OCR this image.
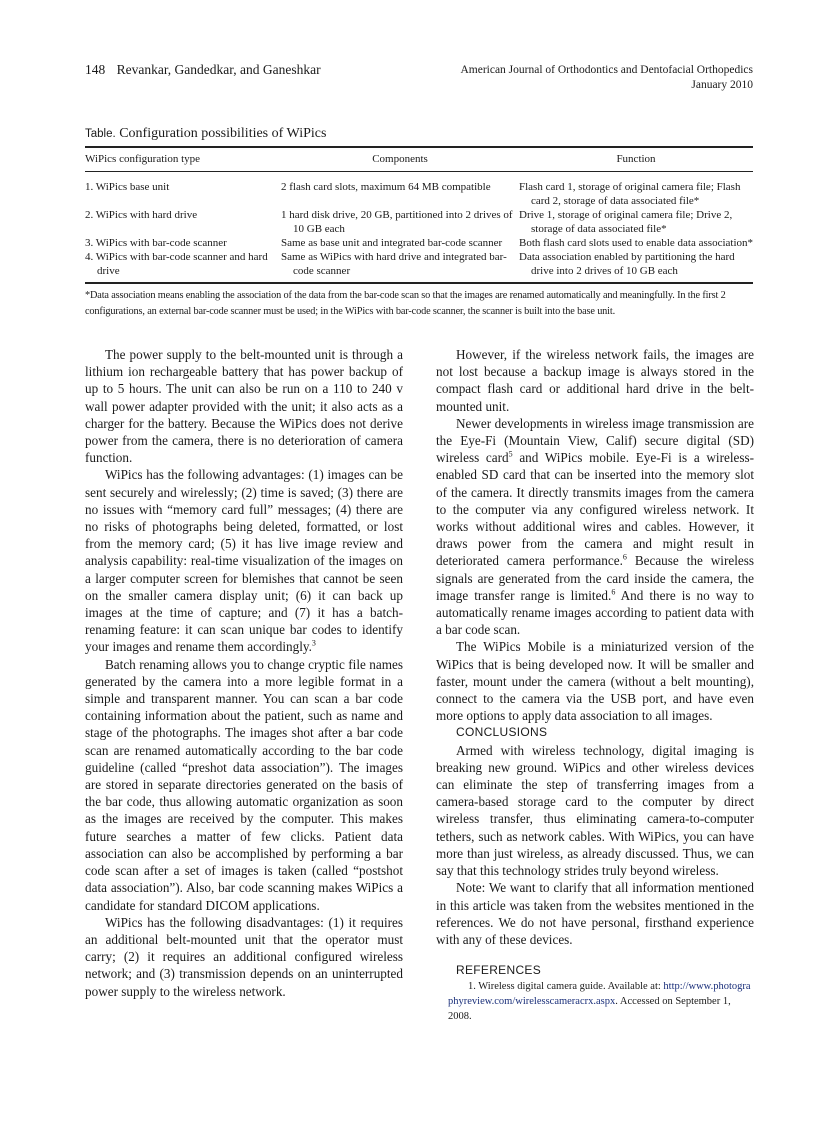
148 Revankar, Gandedkar, and Ganeshkar	American Journal of Orthodontics and Dentofacial Orthopedics
January 2010
Table. Configuration possibilities of WiPics
WiPics configuration type	Components	Function

1. WiPics base unit	2 flash card slots, maximum 64 MB compatible	Flash card 1, storage of original camera file; Flash card 2, storage of data associated file*

2. WiPics with hard drive	1 hard disk drive, 20 GB, partitioned into 2 drives of 10 GB each	Drive 1, storage of original camera file; Drive 2, storage of data associated file*

3. WiPics with bar-code scanner	Same as base unit and integrated bar-code scanner	Both flash card slots used to enable data association*

4. WiPics with bar-code scanner and hard drive	Same as WiPics with hard drive and integrated bar-code scanner	Data association enabled by partitioning the hard drive into 2 drives of 10 GB each
*Data association means enabling the association of the data from the bar-code scan so that the images are renamed automatically and meaningfully. In the first 2 configurations, an external bar-code scanner must be used; in the WiPics with bar-code scanner, the scanner is built into the base unit.

The power supply to the belt-mounted unit is through a lithium ion rechargeable battery that has power backup of up to 5 hours. The unit can also be run on a 110 to 240 v wall power adapter provided with the unit; it also acts as a charger for the battery. Because the WiPics does not derive power from the camera, there is no deterioration of camera function.

WiPics has the following advantages: (1) images can be sent securely and wirelessly; (2) time is saved; (3) there are no issues with “memory card full” messages; (4) there are no risks of photographs being deleted, formatted, or lost from the memory card; (5) it has live image review and analysis capability: real-time visualization of the images on a larger computer screen for blemishes that cannot be seen on the smaller camera display unit; (6) it can back up images at the time of capture; and (7) it has a batch-renaming feature: it can scan unique bar codes to identify your images and rename them accordingly.$^3$

Batch renaming allows you to change cryptic file names generated by the camera into a more legible format in a simple and transparent manner. You can scan a bar code containing information about the patient, such as name and stage of the photographs. The images shot after a bar code scan are renamed automatically according to the bar code guideline (called “preshot data association”). The images are stored in separate directories generated on the basis of the bar code, thus allowing automatic organization as soon as the images are received by the computer. This makes future searches a matter of few clicks. Patient data association can also be accomplished by performing a bar code scan after a set of images is taken (called “postshot data association”). Also, bar code scanning makes WiPics a candidate for standard DICOM applications.

WiPics has the following disadvantages: (1) it requires an additional belt-mounted unit that the operator must carry; (2) it requires an additional configured wireless network; and (3) transmission depends on an uninterrupted power supply to the wireless network.

However, if the wireless network fails, the images are not lost because a backup image is always stored in the compact flash card or additional hard drive in the belt-mounted unit.

Newer developments in wireless image transmission are the Eye-Fi (Mountain View, Calif) secure digital (SD) wireless card$^5$ and WiPics mobile. Eye-Fi is a wireless-enabled SD card that can be inserted into the memory slot of the camera. It directly transmits images from the camera to the computer via any configured wireless network. It works without additional wires and cables. However, it draws power from the camera and might result in deteriorated camera performance.$^6$ Because the wireless signals are generated from the card inside the camera, the image transfer range is limited.$^6$ And there is no way to automatically rename images according to patient data with a bar code scan.

The WiPics Mobile is a miniaturized version of the WiPics that is being developed now. It will be smaller and faster, mount under the camera (without a belt mounting), connect to the camera via the USB port, and have even more options to apply data association to all images.

CONCLUSIONS

Armed with wireless technology, digital imaging is breaking new ground. WiPics and other wireless devices can eliminate the step of transferring images from a camera-based storage card to the computer by direct wireless transfer, thus eliminating camera-to-computer tethers, such as network cables. With WiPics, you can have more than just wireless, as already discussed. Thus, we can say that this technology strides truly beyond wireless.

Note: We want to clarify that all information mentioned in this article was taken from the websites mentioned in the references. We do not have personal, firsthand experience with any of these devices.

REFERENCES

1. Wireless digital camera guide. Available at: http://www.photographyreview.com/wirelesscameracrx.aspx. Accessed on September 1, 2008.
